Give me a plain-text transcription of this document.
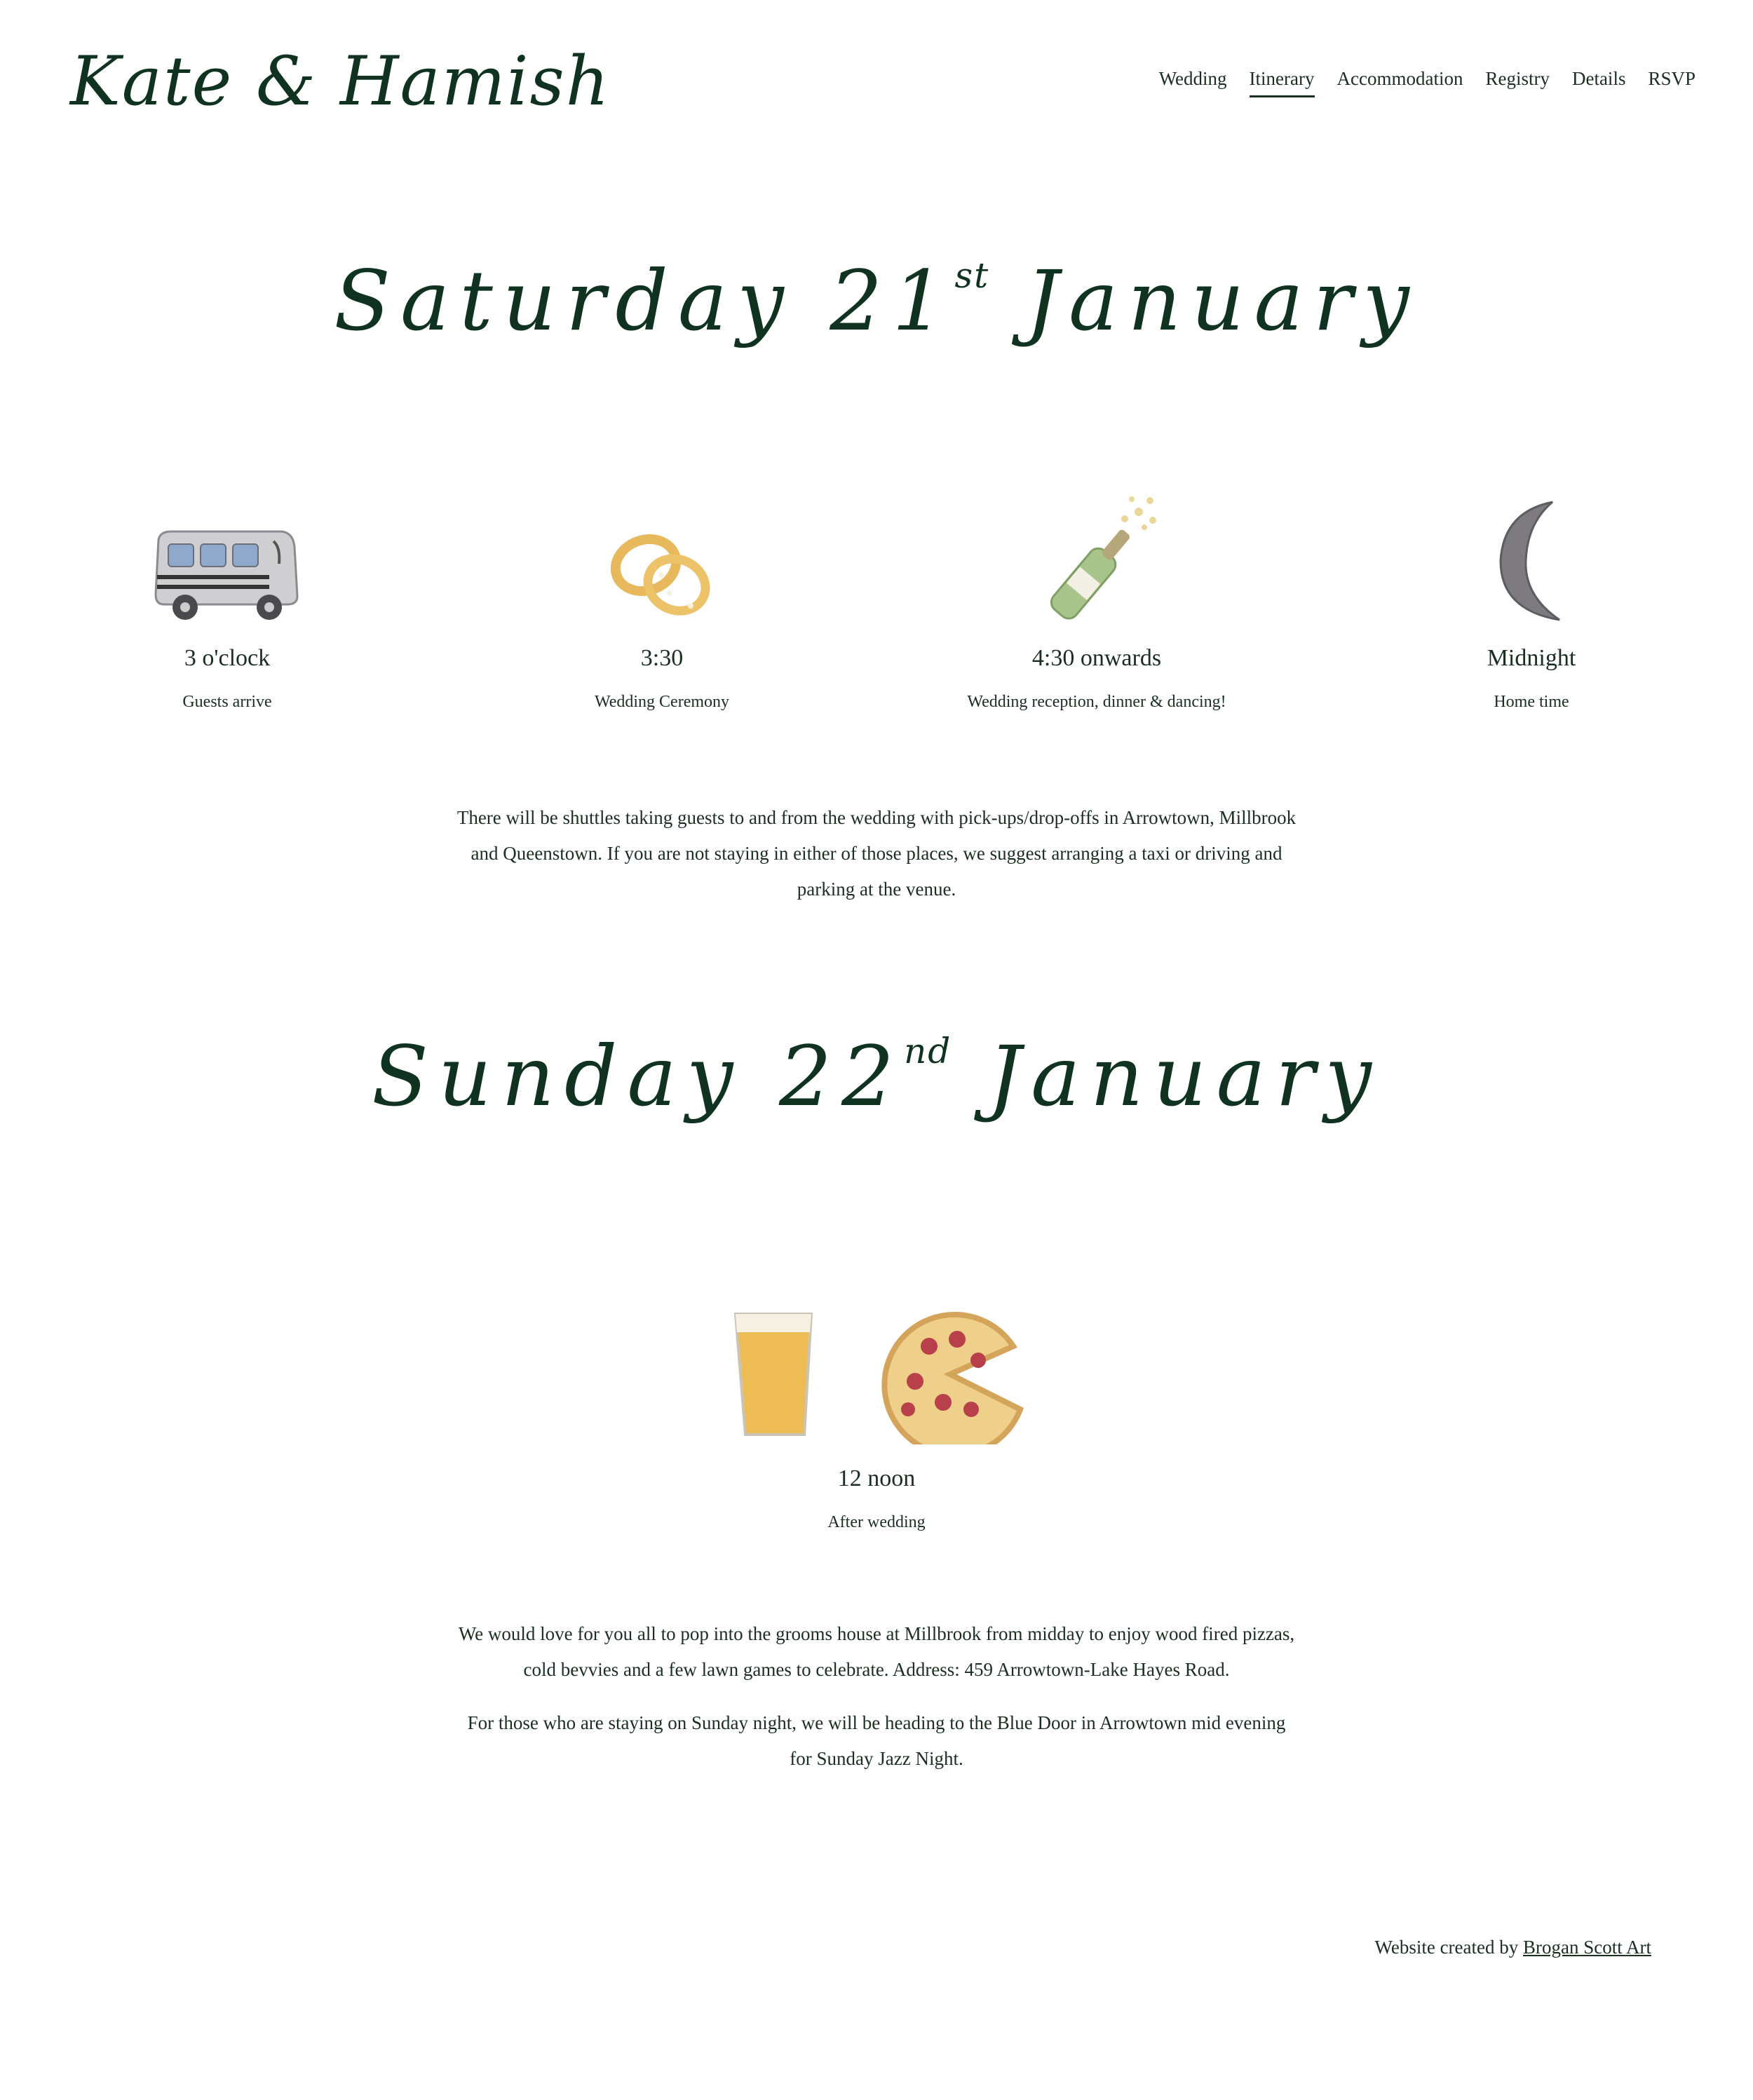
Kate & Hamish	Wedding Itinerary Accommodation Registry Details RSVP
Saturday 21st January
3 o'clock
Guests arrive
3:30
Wedding Ceremony
4:30 onwards
Wedding reception, dinner & dancing!
Midnight
Home time

There will be shuttles taking guests to and from the wedding with pick-ups/drop-offs in Arrowtown, Millbrook and Queenstown. If you are not staying in either of those places, we suggest arranging a taxi or driving and parking at the venue.

Sunday 22nd January
12 noon
After wedding

We would love for you all to pop into the grooms house at Millbrook from midday to enjoy wood fired pizzas, cold bevvies and a few lawn games to celebrate. Address: 459 Arrowtown-Lake Hayes Road.

For those who are staying on Sunday night, we will be heading to the Blue Door in Arrowtown mid evening for Sunday Jazz Night.

Website created by Brogan Scott Art
